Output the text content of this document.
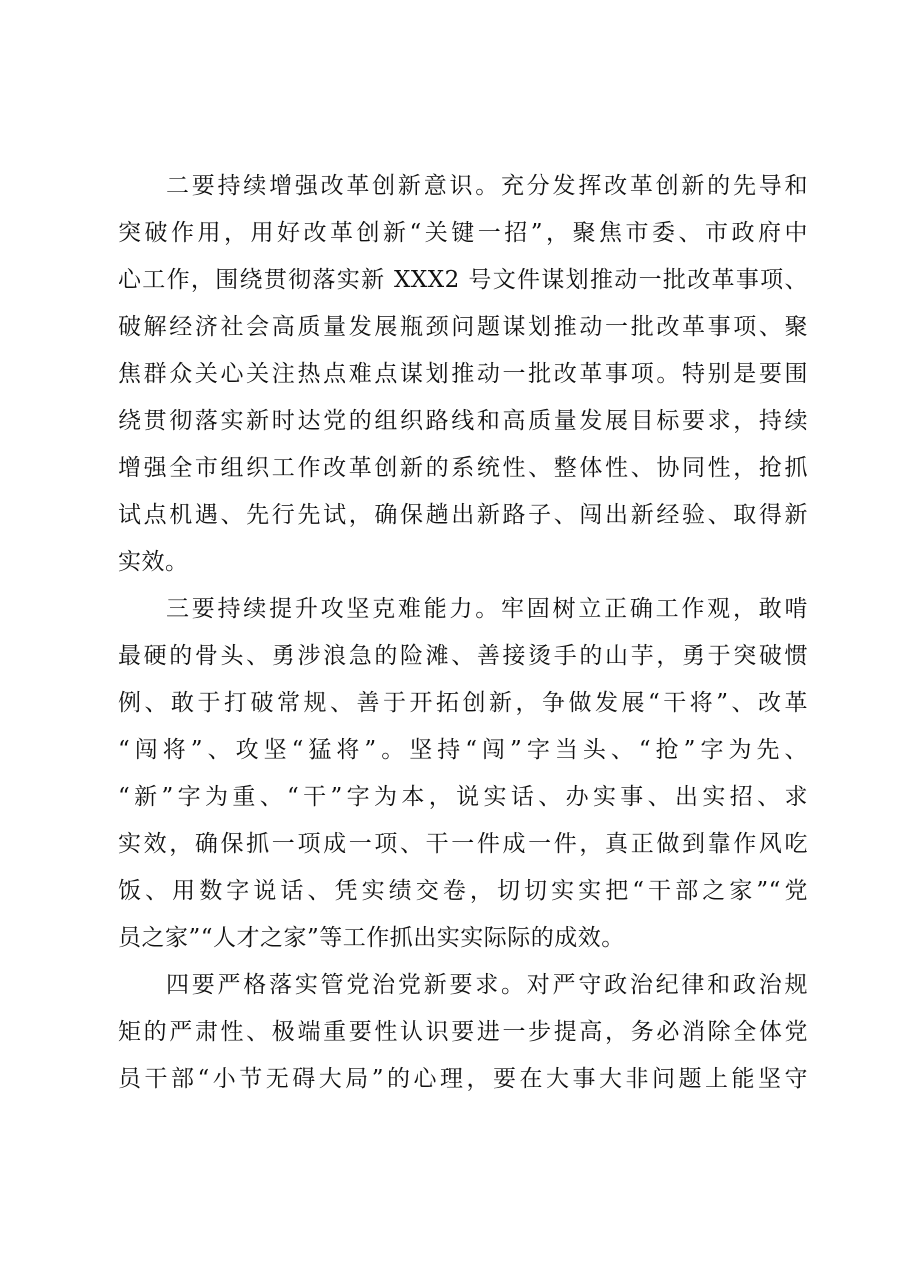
二要持续增强改革创新意识。充分发挥改革创新的先导和
突破作用，用好改革创新“关键一招”，聚焦市委、市政府中
心工作，围绕贯彻落实新 XXX2 号文件谋划推动一批改革事项、
破解经济社会高质量发展瓶颈问题谋划推动一批改革事项、聚
焦群众关心关注热点难点谋划推动一批改革事项。特别是要围
绕贯彻落实新时达党的组织路线和高质量发展目标要求，持续
增强全市组织工作改革创新的系统性、整体性、协同性，抢抓
试点机遇、先行先试，确保趟出新路子、闯出新经验、取得新
实效。
三要持续提升攻坚克难能力。牢固树立正确工作观，敢啃
最硬的骨头、勇涉浪急的险滩、善接烫手的山芋，勇于突破惯
例、敢于打破常规、善于开拓创新，争做发展“干将”、改革
“闯将”、攻坚“猛将”。坚持“闯”字当头、“抢”字为先、
“新”字为重、“干”字为本，说实话、办实事、出实招、求
实效，确保抓一项成一项、干一件成一件，真正做到靠作风吃
饭、用数字说话、凭实绩交卷，切切实实把“干部之家”“党
员之家”“人才之家”等工作抓出实实际际的成效。
四要严格落实管党治党新要求。对严守政治纪律和政治规
矩的严肃性、极端重要性认识要进一步提高，务必消除全体党
员干部“小节无碍大局”的心理，要在大事大非问题上能坚守
